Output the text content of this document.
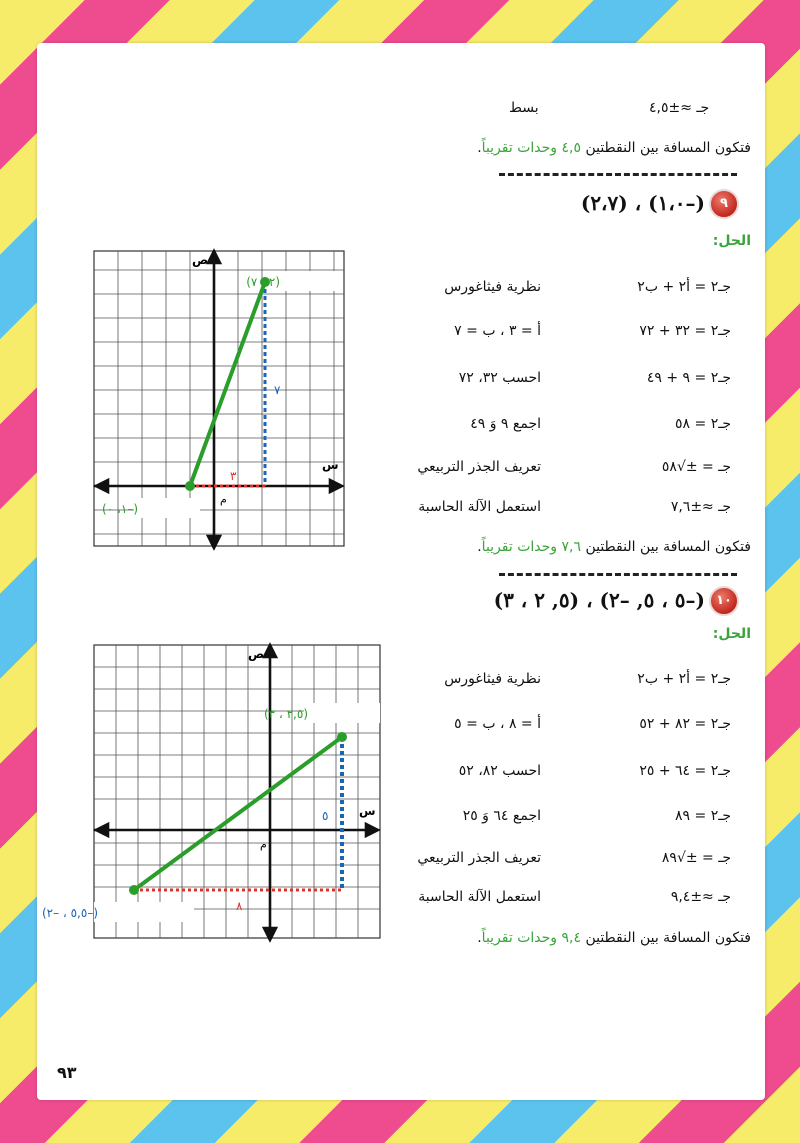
جـ ≈±٤,٥
بسط
فتكون المسافة بين النقطتين ٤,٥ وحدات تقريباً.
٩
(–١،٠) ، (٢،٧)
الحل:
جـ٢ = أ٢ + ب٢
نظرية فيثاغورس
جـ٢ = ٣٢ + ٧٢
أ = ٣ ، ب = ٧
جـ٢ = ٩ + ٤٩
احسب ٣٢، ٧٢
جـ٢ = ٥٨
اجمع ٩ وَ ٤٩
جـ = ±√٥٨
تعريف الجذر التربيعي
جـ ≈±٧,٦
استعمل الآلة الحاسبة
فتكون المسافة بين النقطتين ٧,٦ وحدات تقريباً.
ص
س
م
٣
٧
(٢ ، ٧)
(–١، ٠)
١٠
(–٥ ، ٥, –٢) ، (٥, ٢ ، ٣)
الحل:
جـ٢ = أ٢ + ب٢
نظرية فيثاغورس
جـ٢ = ٨٢ + ٥٢
أ = ٨ ، ب = ٥
جـ٢ = ٦٤ + ٢٥
احسب ٨٢، ٥٢
جـ٢ = ٨٩
اجمع ٦٤ وَ ٢٥
جـ = ±√٨٩
تعريف الجذر التربيعي
جـ ≈±٩,٤
استعمل الآلة الحاسبة
فتكون المسافة بين النقطتين ٩,٤ وحدات تقريباً.
ص
س
م
٨
٥
(٢,٥ ، ٣)
(–٥,٥ ، –٢)
٩٣
